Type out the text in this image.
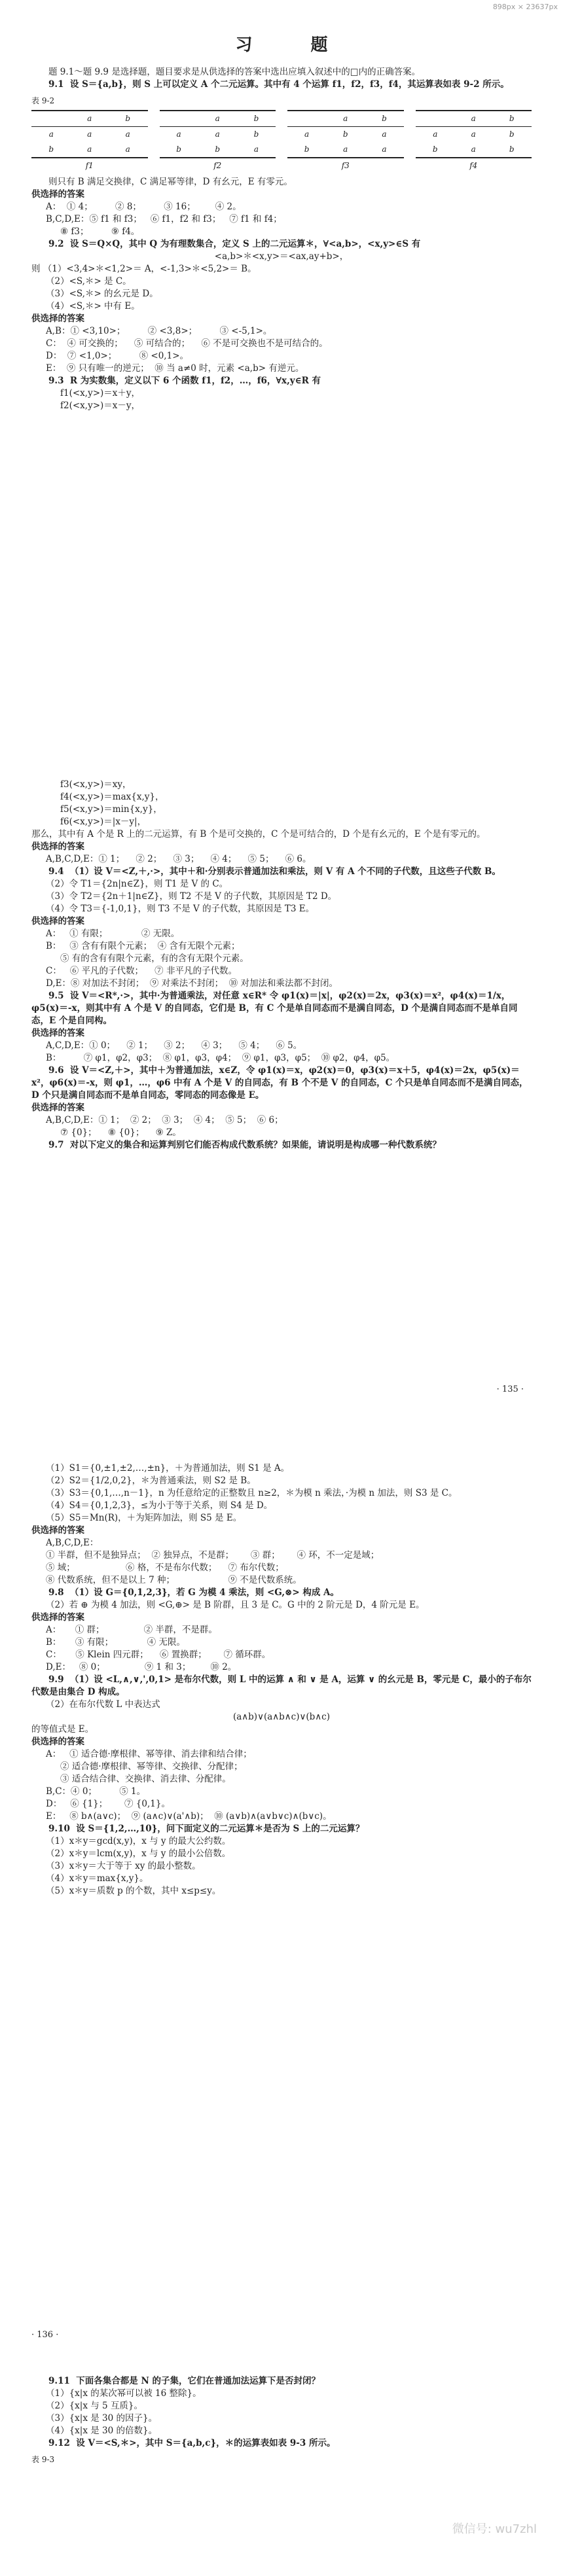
898px × 23637px
习 题

题 9.1～题 9.9 是选择题，题目要求是从供选择的答案中选出应填入叙述中的□内的正确答案。

9.1  设 S＝{a,b}，则 S 上可以定义 A 个二元运算。其中有 4 个运算 f1，f2，f3，f4，其运算表如表 9-2 所示。

表 9-2
	a	b
a	a	a
b	a	a
f1
	a	b
a	a	b
b	b	a
f2
	a	b
a	b	a
b	a	a
f3
	a	b
a	a	b
b	a	b
f4

则只有 B 满足交换律，C 满足幂等律，D 有幺元，E 有零元。

供选择的答案

A：  ① 4；        ② 8；        ③ 16；       ④ 2。

B,C,D,E：⑤ f1 和 f3；   ⑥ f1，f2 和 f3；   ⑦ f1 和 f4；

⑧ f3；        ⑨ f4。

9.2  设 S＝Q×Q，其中 Q 为有理数集合，定义 S 上的二元运算＊，∀<a,b>，<x,y>∈S 有

<a,b>＊<x,y>＝<ax,ay+b>，

则 （1）<3,4>＊<1,2>＝ A，<-1,3>＊<5,2>＝ B。

（2）<S,＊> 是 C。

（3）<S,＊> 的幺元是 D。

（4）<S,＊> 中有 E。

供选择的答案

A,B：① <3,10>；        ② <3,8>；        ③ <-5,1>。

C：  ④ 可交换的；    ⑤ 可结合的；    ⑥ 不是可交换也不是可结合的。

D：  ⑦ <1,0>；        ⑧ <0,1>。

E：  ⑨ 只有唯一的逆元；  ⑩ 当 a≠0 时，元素 <a,b> 有逆元。

9.3  R 为实数集，定义以下 6 个函数 f1，f2，…，f6，∀x,y∈R 有

f1(<x,y>)＝x＋y，

f2(<x,y>)＝x－y，

f3(<x,y>)＝xy，

f4(<x,y>)＝max{x,y}，

f5(<x,y>)＝min{x,y}，

f6(<x,y>)＝|x－y|，

那么，其中有 A 个是 R 上的二元运算，有 B 个是可交换的，C 个是可结合的，D 个是有幺元的，E 个是有零元的。

供选择的答案

A,B,C,D,E：① 1；    ② 2；    ③ 3；    ④ 4；    ⑤ 5；    ⑥ 6。

9.4  （1）设 V＝<Z,＋,·>，其中＋和·分别表示普通加法和乘法，则 V 有 A 个不同的子代数，且这些子代数 B。

（2）令 T1＝{2n|n∈Z}，则 T1 是 V 的 C。

（3）令 T2＝{2n＋1|n∈Z}，则 T2 不是 V 的子代数，其原因是 T2 D。

（4）令 T3＝{-1,0,1}，则 T3 不是 V 的子代数，其原因是 T3 E。

供选择的答案

A：   ① 有限；            ② 无限。

B：   ③ 含有有限个元素；  ④ 含有无限个元素；

⑤ 有的含有有限个元素，有的含有无限个元素。

C：   ⑥ 平凡的子代数；    ⑦ 非平凡的子代数。

D,E：⑧ 对加法不封闭；  ⑨ 对乘法不封闭；  ⑩ 对加法和乘法都不封闭。

9.5  设 V＝<R*,·>，其中·为普通乘法，对任意 x∈R* 令 φ1(x)＝|x|，φ2(x)＝2x，φ3(x)＝x²，φ4(x)＝1/x，φ5(x)＝-x，则其中有 A 个是 V 的自同态，它们是 B，有 C 个是单自同态而不是满自同态，D 个是满自同态而不是单自同态，E 个是自同构。

供选择的答案

A,C,D,E：① 0；    ② 1；    ③ 2；    ④ 3；    ⑤ 4；    ⑥ 5。

B：        ⑦ φ1，φ2，φ3；  ⑧ φ1，φ3，φ4；  ⑨ φ1，φ3，φ5；  ⑩ φ2，φ4，φ5。

9.6  设 V＝<Z,＋>，其中＋为普通加法，x∈Z，令 φ1(x)＝x，φ2(x)＝0，φ3(x)＝x＋5，φ4(x)＝2x，φ5(x)＝x²，φ6(x)＝-x，则 φ1，…，φ6 中有 A 个是 V 的自同态，有 B 个不是 V 的自同态，C 个只是单自同态而不是满自同态，D 个只是满自同态而不是单自同态，零同态的同态像是 E。

供选择的答案

A,B,C,D,E：① 1；  ② 2；  ③ 3；  ④ 4；  ⑤ 5；  ⑥ 6；

⑦ {0}；    ⑧ {0}；    ⑨ Z。

9.7  对以下定义的集合和运算判别它们能否构成代数系统？如果能，请说明是构成哪一种代数系统？

· 135 ·

（1）S1＝{0,±1,±2,…,±n}，＋为普通加法，则 S1 是 A。

（2）S2＝{1/2,0,2}，＊为普通乘法，则 S2 是 B。

（3）S3＝{0,1,…,n－1}，n 为任意给定的正整数且 n≥2，＊为模 n 乘法，·为模 n 加法，则 S3 是 C。

（4）S4＝{0,1,2,3}，≤为小于等于关系，则 S4 是 D。

（5）S5＝Mn(R)，＋为矩阵加法，则 S5 是 E。

供选择的答案

A,B,C,D,E：

① 半群，但不是独异点；  ② 独异点，不是群；      ③ 群；      ④ 环，不一定是域；

⑤ 域；                  ⑥ 格，不是布尔代数；    ⑦ 布尔代数；

⑧ 代数系统，但不是以上 7 种；                   ⑨ 不是代数系统。

9.8  （1）设 G＝{0,1,2,3}，若 G 为模 4 乘法，则 <G,⊗> 构成 A。

（2）若 ⊕ 为模 4 加法，则 <G,⊕> 是 B 阶群，且 3 是 C。G 中的 2 阶元是 D，4 阶元是 E。

供选择的答案

A：     ① 群；              ② 半群，不是群。

B：     ③ 有限；            ④ 无限。

C：     ⑤ Klein 四元群；    ⑥ 置换群；      ⑦ 循环群。

D,E：   ⑧ 0；              ⑨ 1 和 3；       ⑩ 2。

9.9  （1）设 <L,∧,∨,',0,1> 是布尔代数，则 L 中的运算 ∧ 和 ∨ 是 A，运算 ∨ 的幺元是 B，零元是 C，最小的子布尔代数是由集合 D 构成。

（2）在布尔代数 L 中表达式

(a∧b)∨(a∧b∧c)∨(b∧c)

的等值式是 E。

供选择的答案

A：   ① 适合德·摩根律、幂等律、消去律和结合律；

② 适合德·摩根律、幂等律、交换律、分配律；

③ 适合结合律、交换律、消去律、分配律。

B,C：④ 0；        ⑤ 1。

D：   ⑥ {1}；      ⑦ {0,1}。

E：   ⑧ b∧(a∨c)；  ⑨ (a∧c)∨(a'∧b)；  ⑩ (a∨b)∧(a∨b∨c)∧(b∨c)。

9.10  设 S＝{1,2,…,10}，问下面定义的二元运算＊是否为 S 上的二元运算？

（1）x＊y＝gcd(x,y)，x 与 y 的最大公约数。

（2）x＊y＝lcm(x,y)，x 与 y 的最小公倍数。

（3）x＊y＝大于等于 xy 的最小整数。

（4）x＊y＝max{x,y}。

（5）x＊y＝质数 p 的个数，其中 x≤p≤y。

· 136 ·

9.11  下面各集合都是 N 的子集，它们在普通加法运算下是否封闭？

（1）{x|x 的某次幂可以被 16 整除}。

（2）{x|x 与 5 互质}。

（3）{x|x 是 30 的因子}。

（4）{x|x 是 30 的倍数}。

9.12  设 V＝<S,＊>，其中 S＝{a,b,c}，＊的运算表如表 9-3 所示。

表 9-3
微信号: wu7zhl
